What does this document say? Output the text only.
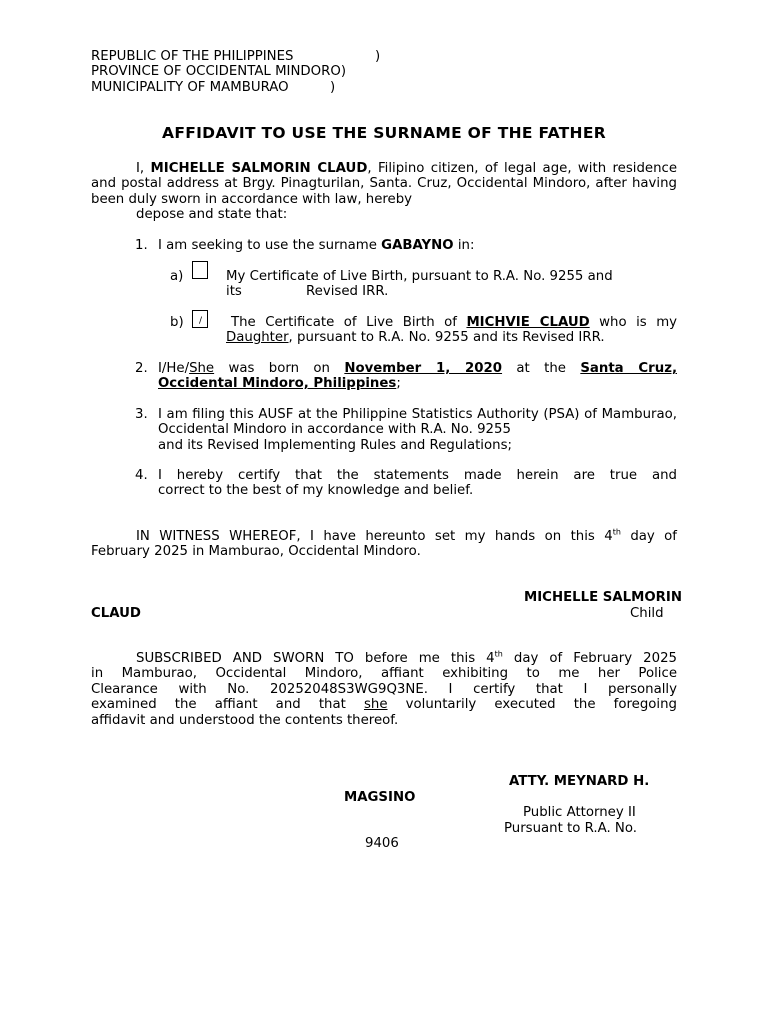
REPUBLIC OF THE PHILIPPINES	)
PROVINCE OF OCCIDENTAL MINDORO)
MUNICIPALITY OF MAMBURAO	)
AFFIDAVIT TO USE THE SURNAME OF THE FATHER
I, MICHELLE SALMORIN CLAUD, Filipino citizen, of legal age, with residence and postal address at Brgy. Pinagturilan, Santa. Cruz, Occidental Mindoro, after having been duly sworn in accordance with law, hereby
depose and state that:
1. I am seeking to use the surname GABAYNO in:
a)	My Certificate of Live Birth, pursuant to R.A. No. 9255 and
its	Revised IRR.
b) / The Certificate of Live Birth of MICHVIE CLAUD who is my
Daughter, pursuant to R.A. No. 9255 and its Revised IRR.
2. I/He/She was born on November 1, 2020 at the Santa Cruz,
Occidental Mindoro, Philippines;
3. I am filing this AUSF at the Philippine Statistics Authority (PSA) of Mamburao, Occidental Mindoro in accordance with R.A. No. 9255
and its Revised Implementing Rules and Regulations;
4. I hereby certify that the statements made herein are true and
correct to the best of my knowledge and belief.
IN WITNESS WHEREOF, I have hereunto set my hands on this 4th day of
February 2025 in Mamburao, Occidental Mindoro.
MICHELLE SALMORIN
CLAUD	Child
SUBSCRIBED AND SWORN TO before me this 4th day of February 2025
in Mamburao, Occidental Mindoro, affiant exhibiting to me her Police
Clearance with No. 20252048S3WG9Q3NE. I certify that I personally
examined the affiant and that she voluntarily executed the foregoing
affidavit and understood the contents thereof.
ATTY. MEYNARD H.
MAGSINO
Public Attorney II
Pursuant to R.A. No.
9406
